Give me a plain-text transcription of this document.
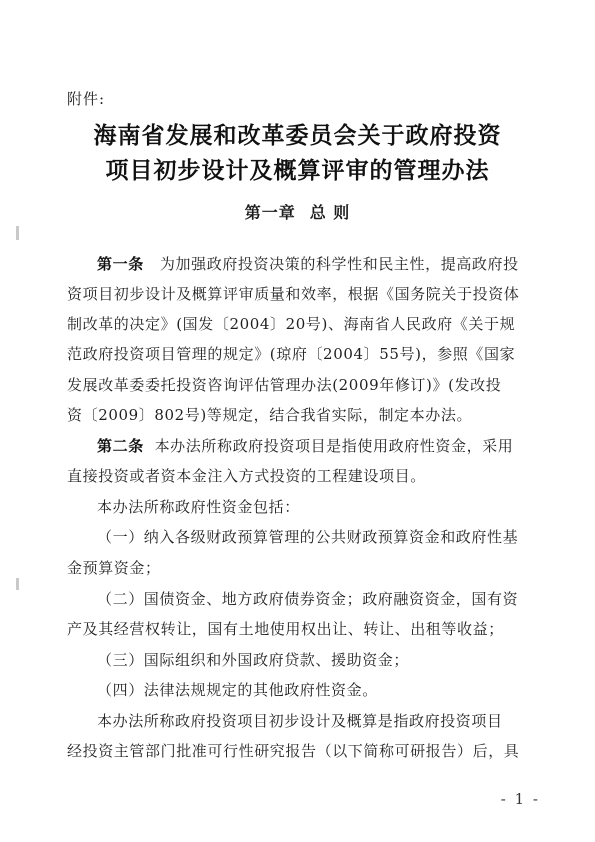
附件:
海南省发展和改革委员会关于政府投资
项目初步设计及概算评审的管理办法
第一章 总 则
第一条 为加强政府投资决策的科学性和民主性，提高政府投
资项目初步设计及概算评审质量和效率，根据《国务院关于投资体
制改革的决定》(国发〔2004〕20号)、海南省人民政府《关于规
范政府投资项目管理的规定》(琼府〔2004〕55号)，参照《国家
发展改革委委托投资咨询评估管理办法(2009年修订)》(发改投
资〔2009〕802号)等规定，结合我省实际，制定本办法。
第二条 本办法所称政府投资项目是指使用政府性资金，采用
直接投资或者资本金注入方式投资的工程建设项目。
本办法所称政府性资金包括：
（一）纳入各级财政预算管理的公共财政预算资金和政府性基
金预算资金；
（二）国债资金、地方政府债券资金；政府融资资金，国有资
产及其经营权转让，国有土地使用权出让、转让、出租等收益；
（三）国际组织和外国政府贷款、援助资金；
（四）法律法规规定的其他政府性资金。
本办法所称政府投资项目初步设计及概算是指政府投资项目
经投资主管部门批准可行性研究报告（以下简称可研报告）后，具
- 1 -
